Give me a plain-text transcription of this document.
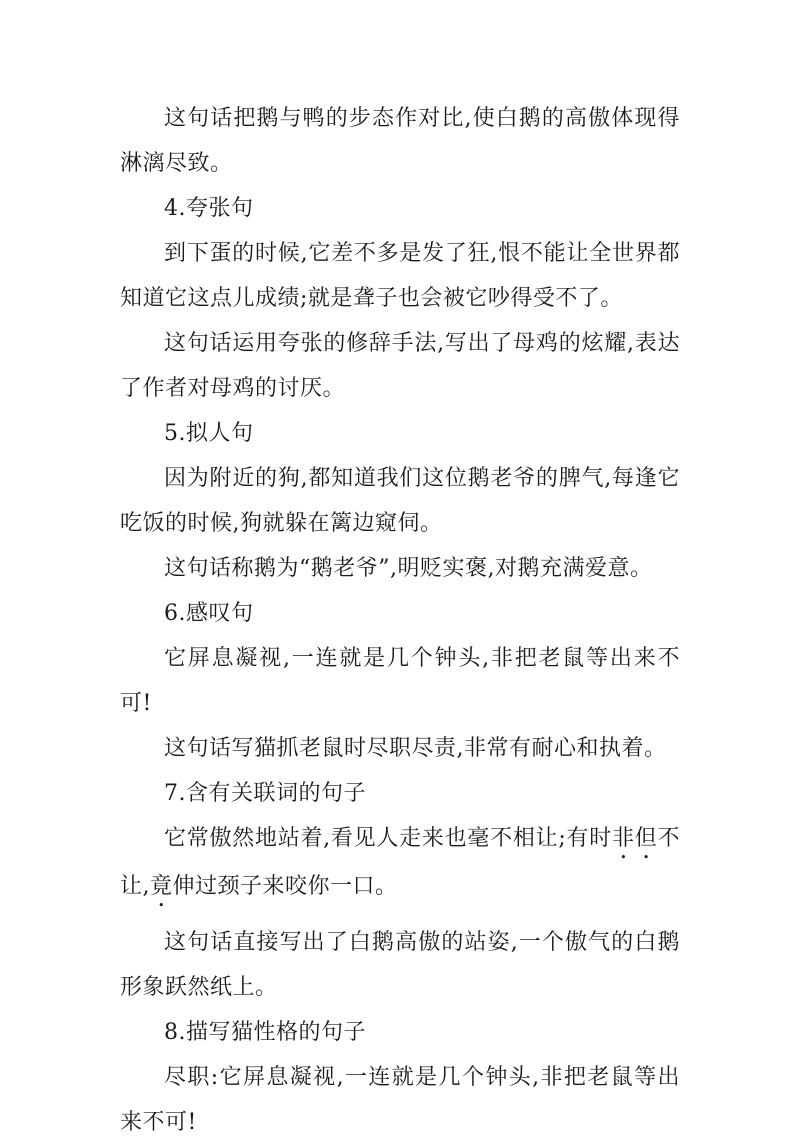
这句话把鹅与鸭的步态作对比,使白鹅的高傲体现得淋漓尽致。

4.夸张句

到下蛋的时候,它差不多是发了狂,恨不能让全世界都知道它这点儿成绩;就是聋子也会被它吵得受不了。

这句话运用夸张的修辞手法,写出了母鸡的炫耀,表达了作者对母鸡的讨厌。

5.拟人句

因为附近的狗,都知道我们这位鹅老爷的脾气,每逢它吃饭的时候,狗就躲在篱边窥伺。

这句话称鹅为“鹅老爷”,明贬实褒,对鹅充满爱意。

6.感叹句

它屏息凝视,一连就是几个钟头,非把老鼠等出来不可!

这句话写猫抓老鼠时尽职尽责,非常有耐心和执着。

7.含有关联词的句子

它常傲然地站着,看见人走来也毫不相让;有时非但不让,竟伸过颈子来咬你一口。

这句话直接写出了白鹅高傲的站姿,一个傲气的白鹅形象跃然纸上。

8.描写猫性格的句子

尽职:它屏息凝视,一连就是几个钟头,非把老鼠等出来不可!
